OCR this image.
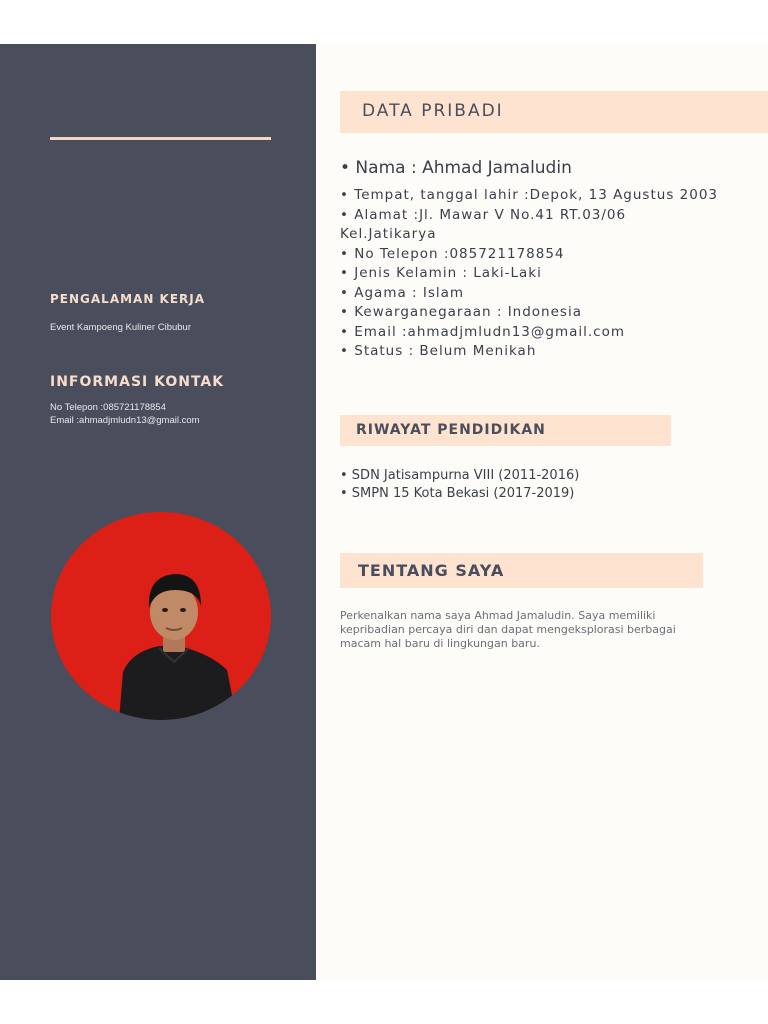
PENGALAMAN KERJA
Event Kampoeng Kuliner Cibubur
INFORMASI KONTAK
No Telepon :085721178854
Email :ahmadjmludn13@gmail.com
DATA PRIBADI
• Nama : Ahmad Jamaludin
• Tempat, tanggal lahir :Depok, 13 Agustus 2003
• Alamat :Jl. Mawar V No.41 RT.03/06
Kel.Jatikarya
• No Telepon :085721178854
• Jenis Kelamin : Laki-Laki
• Agama : Islam
• Kewarganegaraan : Indonesia
• Email :ahmadjmludn13@gmail.com
• Status : Belum Menikah
RIWAYAT PENDIDIKAN
• SDN Jatisampurna VIII (2011-2016)
• SMPN 15 Kota Bekasi (2017-2019)
TENTANG SAYA
Perkenalkan nama saya Ahmad Jamaludin. Saya memiliki
kepribadian percaya diri dan dapat mengeksplorasi berbagai
macam hal baru di lingkungan baru.
